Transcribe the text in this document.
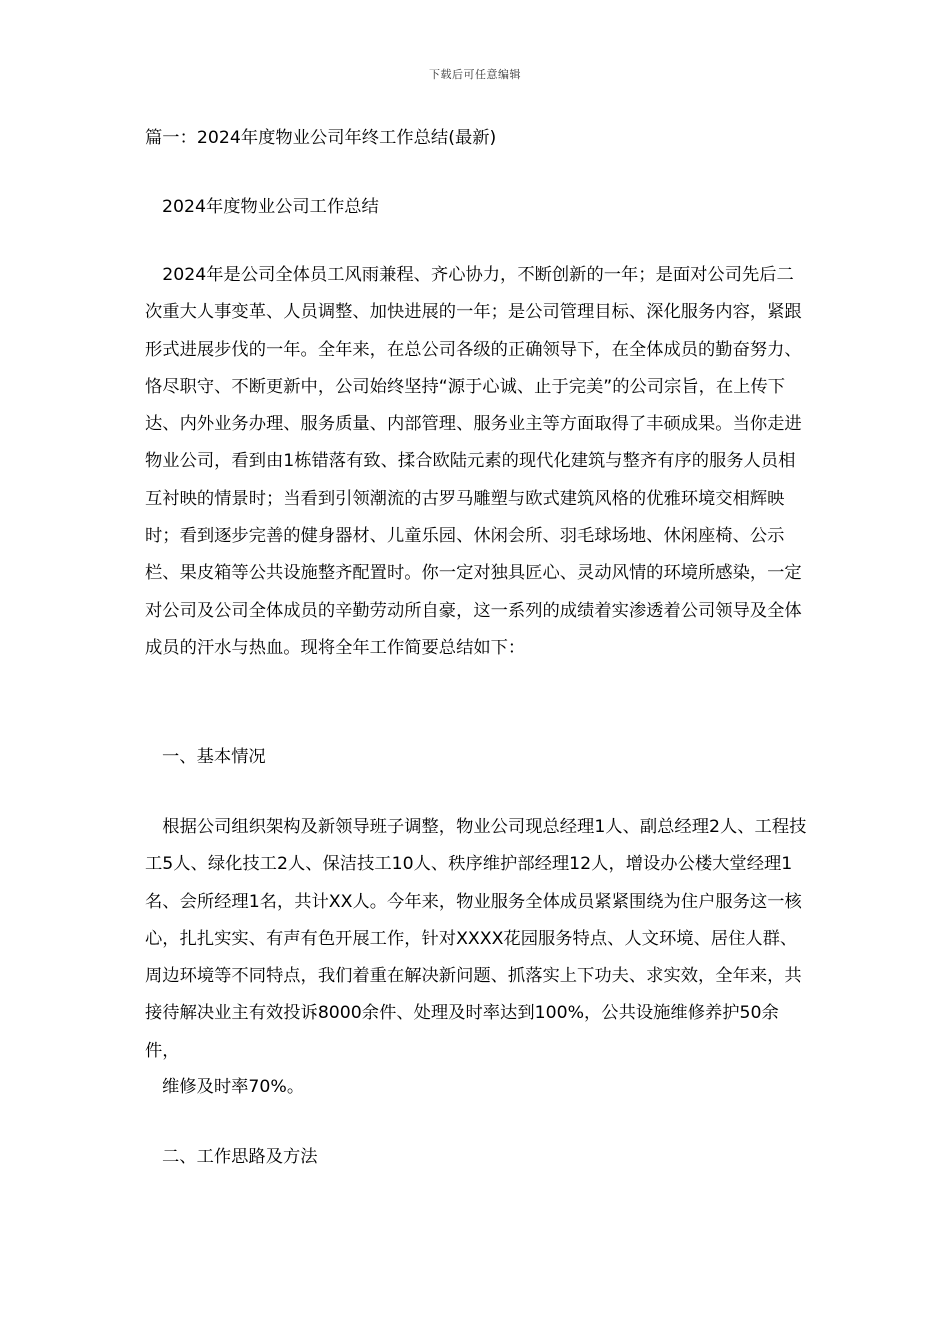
下载后可任意编辑
篇一：2024年度物业公司年终工作总结(最新)
2024年度物业公司工作总结
　2024年是公司全体员工风雨兼程、齐心协力，不断创新的一年；是面对公司先后二次重大人事变革、人员调整、加快进展的一年；是公司管理目标、深化服务内容，紧跟形式进展步伐的一年。全年来，在总公司各级的正确领导下，在全体成员的勤奋努力、恪尽职守、不断更新中，公司始终坚持“源于心诚、止于完美”的公司宗旨，在上传下达、内外业务办理、服务质量、内部管理、服务业主等方面取得了丰硕成果。当你走进物业公司，看到由1栋错落有致、揉合欧陆元素的现代化建筑与整齐有序的服务人员相互衬映的情景时；当看到引领潮流的古罗马雕塑与欧式建筑风格的优雅环境交相辉映时；看到逐步完善的健身器材、儿童乐园、休闲会所、羽毛球场地、休闲座椅、公示栏、果皮箱等公共设施整齐配置时。你一定对独具匠心、灵动风情的环境所感染，一定对公司及公司全体成员的辛勤劳动所自豪，这一系列的成绩着实渗透着公司领导及全体成员的汗水与热血。现将全年工作简要总结如下：
一、基本情况
　根据公司组织架构及新领导班子调整，物业公司现总经理1人、副总经理2人、工程技工5人、绿化技工2人、保洁技工10人、秩序维护部经理12人，增设办公楼大堂经理1名、会所经理1名，共计XX人。今年来，物业服务全体成员紧紧围绕为住户服务这一核心，扎扎实实、有声有色开展工作，针对XXXX花园服务特点、人文环境、居住人群、周边环境等不同特点，我们着重在解决新问题、抓落实上下功夫、求实效，全年来，共接待解决业主有效投诉8000余件、处理及时率达到100%，公共设施维修养护50余件，
维修及时率70%。
二、工作思路及方法
